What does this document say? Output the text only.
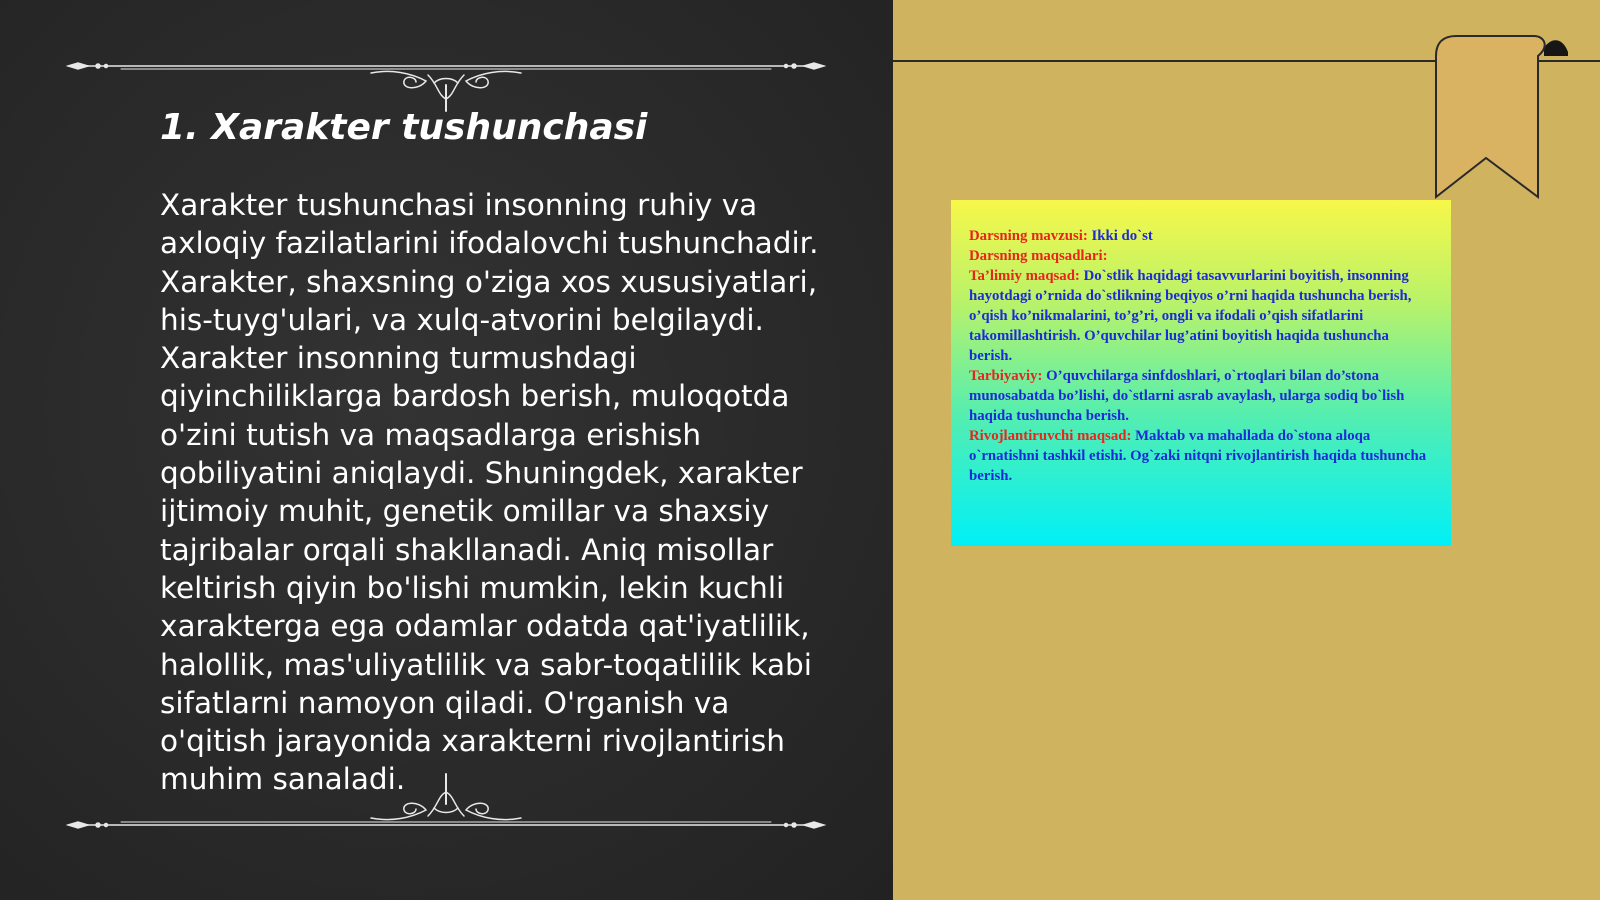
1. Xarakter tushunchasi

Xarakter tushunchasi insonning ruhiy va axloqiy fazilatlarini ifodalovchi tushunchadir. Xarakter, shaxsning o'ziga xos xususiyatlari, his-tuyg'ulari, va xulq-atvorini belgilaydi. Xarakter insonning turmushdagi qiyinchiliklarga bardosh berish, muloqotda o'zini tutish va maqsadlarga erishish qobiliyatini aniqlaydi. Shuningdek, xarakter ijtimoiy muhit, genetik omillar va shaxsiy tajribalar orqali shakllanadi. Aniq misollar keltirish qiyin bo'lishi mumkin, lekin kuchli xarakterga ega odamlar odatda qat'iyatlilik, halollik, mas'uliyatlilik va sabr-toqatlilik kabi sifatlarni namoyon qiladi. O'rganish va o'qitish jarayonida xarakterni rivojlantirish muhim sanaladi.

Darsning mavzusi: Ikki do`st

Darsning maqsadlari:

Ta’limiy maqsad: Do`stlik haqidagi tasavvurlarini boyitish, insonning hayotdagi o’rnida do`stlikning beqiyos o’rni haqida tushuncha berish, o’qish ko’nikmalarini, to’g’ri, ongli va ifodali o’qish sifatlarini takomillashtirish. O’quvchilar lug’atini boyitish haqida tushuncha berish.

Tarbiyaviy: O’quvchilarga sinfdoshlari, o`rtoqlari bilan do’stona munosabatda bo’lishi, do`stlarni asrab avaylash, ularga sodiq bo`lish haqida tushuncha berish.

Rivojlantiruvchi maqsad: Maktab va mahallada do`stona aloqa o`rnatishni tashkil etishi. Og`zaki nitqni rivojlantirish haqida tushuncha berish.
